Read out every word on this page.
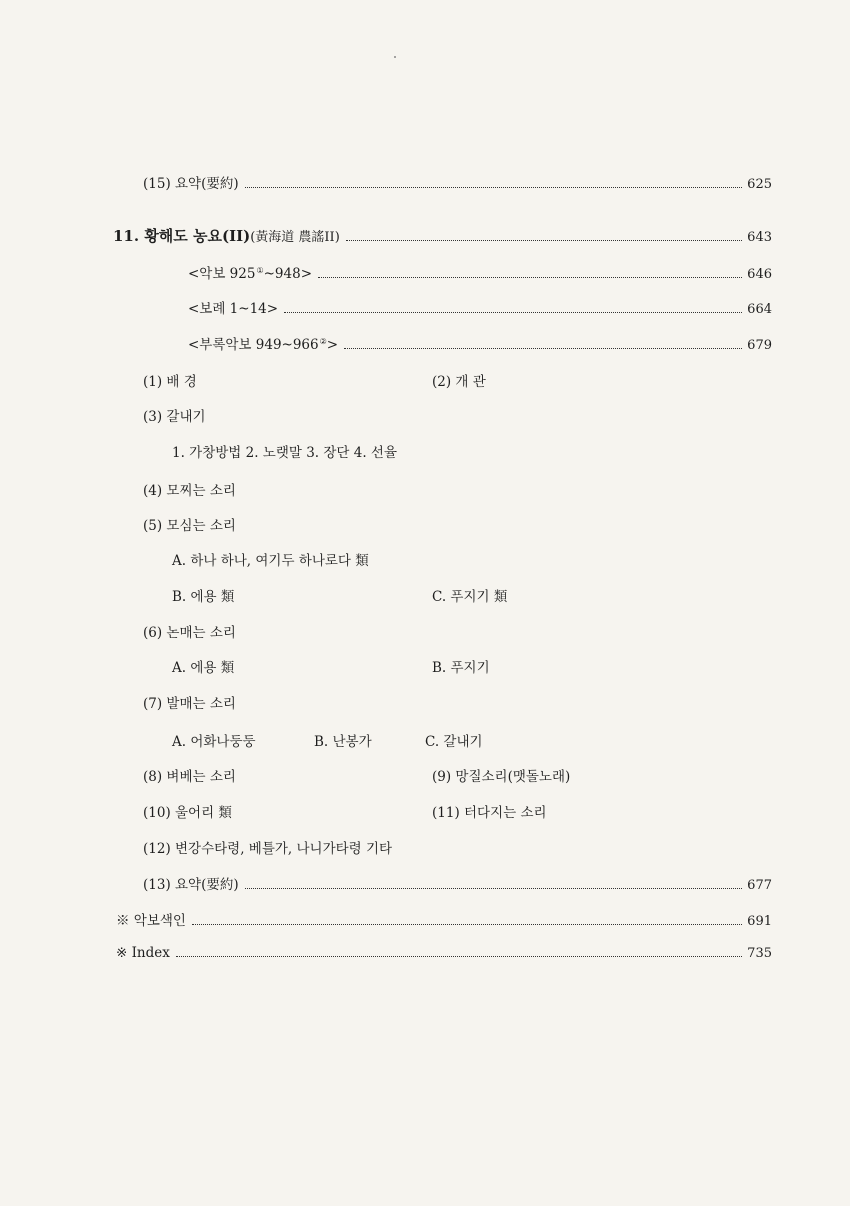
(15) 요약(要約)	625
11. 황해도 농요(II)(黃海道 農謠II)	643
<악보 925①~948>	646
<보례 1~14>	664
<부록악보 949~966②>	679
(1) 배 경	(2) 개 관
(3) 갈내기
1. 가창방법 2. 노랫말 3. 장단 4. 선율
(4) 모찌는 소리
(5) 모심는 소리
A. 하나 하나, 여기두 하나로다 類
B. 에용 類	C. 푸지기 類
(6) 논매는 소리
A. 에용 類	B. 푸지기
(7) 발매는 소리
A. 어화나둥둥	B. 난봉가	C. 갈내기
(8) 벼베는 소리	(9) 망질소리(맷돌노래)
(10) 울어리 類	(11) 터다지는 소리
(12) 변강수타령, 베틀가, 나니가타령 기타
(13) 요약(要約)	677
※ 악보색인	691
※ Index	735
